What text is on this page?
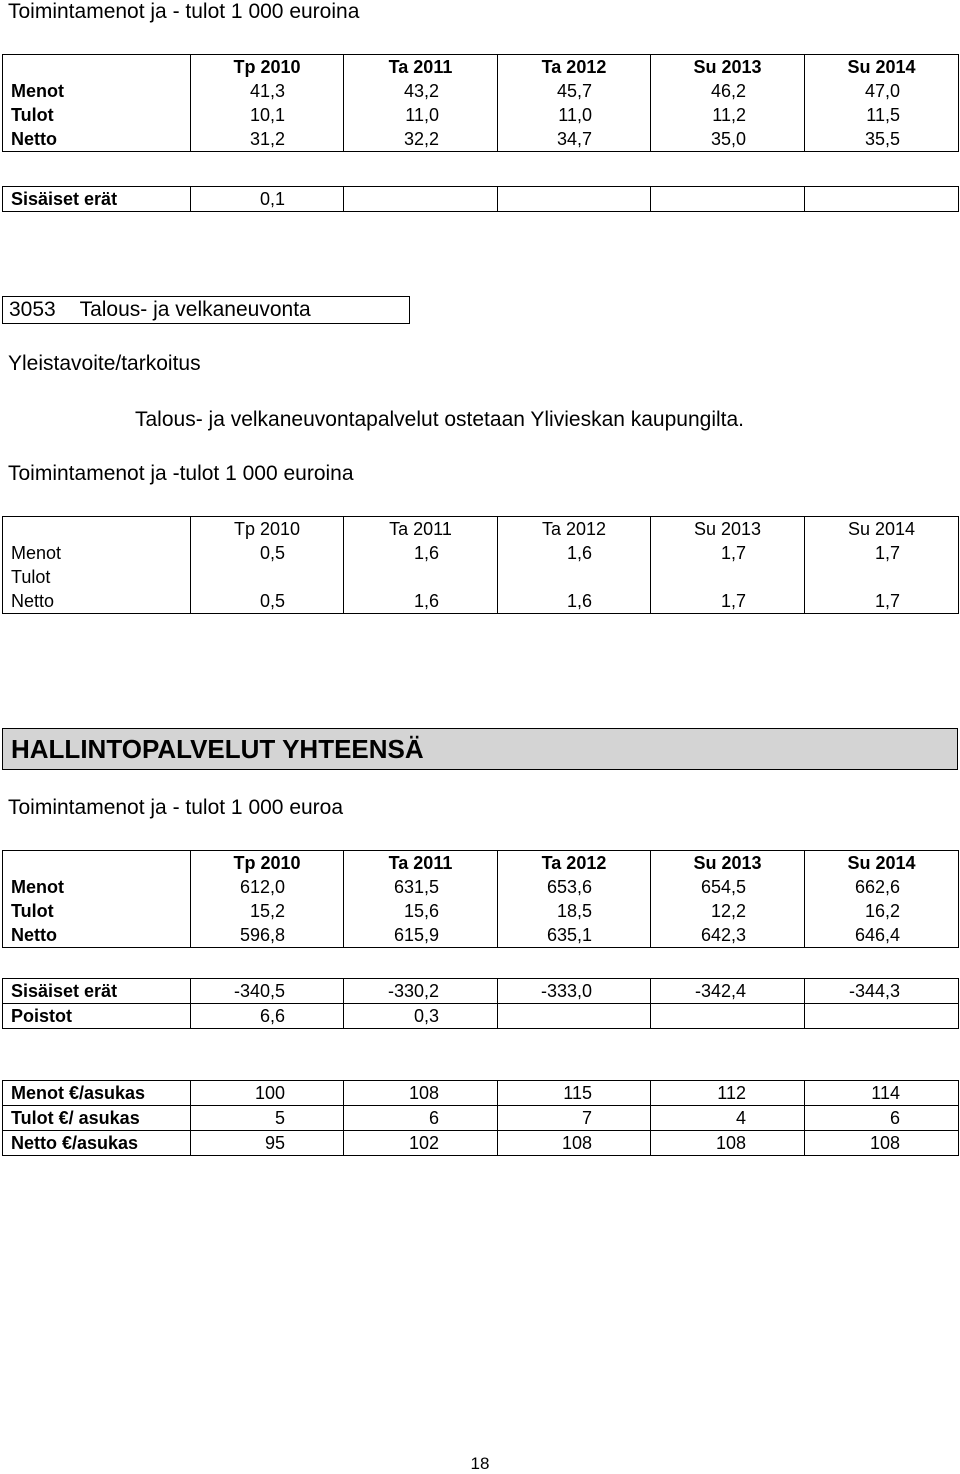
Toimintamenot ja - tulot 1 000 euroina
	Tp 2010	Ta 2011	Ta 2012	Su 2013	Su 2014
Menot	41,3	43,2	45,7	46,2	47,0
Tulot	10,1	11,0	11,0	11,2	11,5
Netto	31,2	32,2	34,7	35,0	35,5
Sisäiset erät	0,1				
3053 Talous- ja velkaneuvonta
Yleistavoite/tarkoitus
Talous- ja velkaneuvontapalvelut ostetaan Ylivieskan kaupungilta.
Toimintamenot ja -tulot 1 000 euroina
	Tp 2010	Ta 2011	Ta 2012	Su 2013	Su 2014
Menot	0,5	1,6	1,6	1,7	1,7
Tulot					
Netto	0,5	1,6	1,6	1,7	1,7
HALLINTOPALVELUT YHTEENSÄ
Toimintamenot ja - tulot 1 000 euroa
	Tp 2010	Ta 2011	Ta 2012	Su 2013	Su 2014
Menot	612,0	631,5	653,6	654,5	662,6
Tulot	15,2	15,6	18,5	12,2	16,2
Netto	596,8	615,9	635,1	642,3	646,4
Sisäiset erät	-340,5	-330,2	-333,0	-342,4	-344,3
Poistot	6,6	0,3			
Menot €/asukas	100	108	115	112	114
Tulot €/ asukas	5	6	7	4	6
Netto €/asukas	95	102	108	108	108
18
